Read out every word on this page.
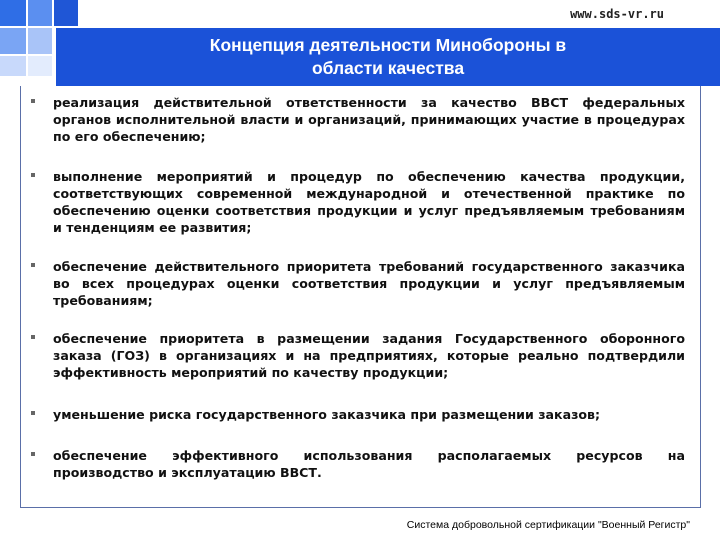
www.sds-vr.ru
Концепция деятельности Минобороны в области качества
реализация действительной ответственности за качество ВВСТ федеральных органов исполнительной власти и организаций, принимающих участие в процедурах по его обеспечению;
выполнение мероприятий и процедур по обеспечению качества продукции, соответствующих современной международной и отечественной практике по обеспечению оценки соответствия продукции и услуг предъявляемым требованиям и тенденциям ее развития;
обеспечение действительного приоритета требований государственного заказчика во всех процедурах оценки соответствия продукции и услуг предъявляемым требованиям;
обеспечение приоритета в размещении задания Государственного оборонного заказа (ГОЗ) в организациях и на предприятиях, которые реально подтвердили эффективность мероприятий по качеству продукции;
уменьшение риска государственного заказчика при размещении заказов;
обеспечение эффективного использования располагаемых ресурсов на производство и эксплуатацию ВВСТ.
Система добровольной сертификации "Военный Регистр"
